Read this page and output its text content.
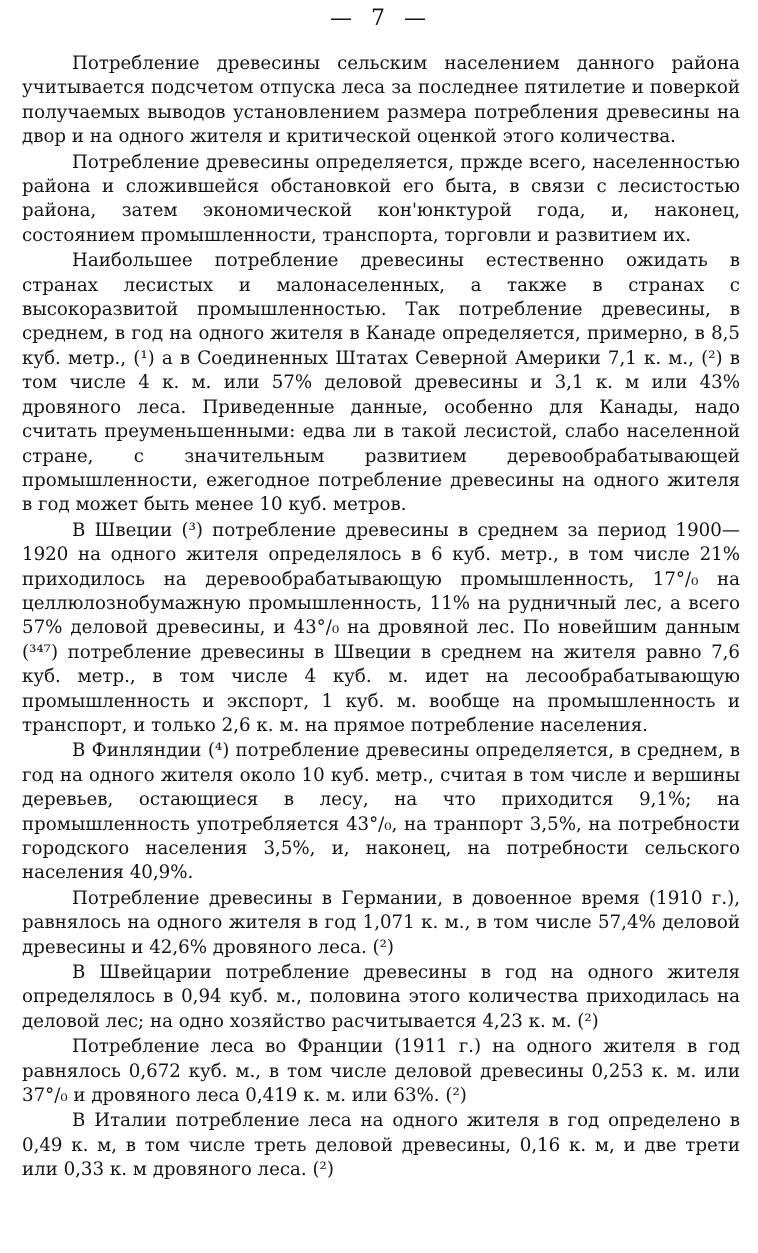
— 7 —

Потребление древесины сельским населением данного района учитывается подсчетом отпуска леса за последнее пятилетие и поверкой получаемых выводов установлением размера потребления древесины на двор и на одного жителя и критической оценкой этого количества.

Потребление древесины определяется, пржде всего, населенностью района и сложившейся обстановкой его быта, в связи с лесистостью района, затем экономической кон'юнктурой года, и, наконец, состоянием промышленности, транспорта, торговли и развитием их.

Наибольшее потребление древесины естественно ожидать в странах лесистых и малонаселенных, а также в странах с высокоразвитой промышленностью. Так потребление древесины, в среднем, в год на одного жителя в Канаде определяется, примерно, в 8,5 куб. метр., (¹) а в Соединенных Штатах Северной Америки 7,1 к. м., (²) в том числе 4 к. м. или 57% деловой древесины и 3,1 к. м или 43% дровяного леса. Приведенные данные, особенно для Канады, надо считать преуменьшенными: едва ли в такой лесистой, слабо населенной стране, с значительным развитием деревообрабатывающей промышленности, ежегодное потребление древесины на одного жителя в год может быть менее 10 куб. метров.

В Швеции (³) потребление древесины в среднем за период 1900—1920 на одного жителя определялось в 6 куб. метр., в том числе 21% приходилось на деревообрабатывающую промышленность, 17°/₀ на целлюлознобумажную промышленность, 11% на рудничный лес, а всего 57% деловой древесины, и 43°/₀ на дровяной лес. По новейшим данным (³⁴⁷) потребление древесины в Швеции в среднем на жителя равно 7,6 куб. метр., в том числе 4 куб. м. идет на лесообрабатывающую промышленность и экспорт, 1 куб. м. вообще на промышленность и транспорт, и только 2,6 к. м. на прямое потребление населения.

В Финляндии (⁴) потребление древесины определяется, в среднем, в год на одного жителя около 10 куб. метр., считая в том числе и вершины деревьев, остающиеся в лесу, на что приходится 9,1%; на промышленность употребляется 43°/₀, на транпорт 3,5%, на потребности городского населения 3,5%, и, наконец, на потребности сельского населения 40,9%.

Потребление древесины в Германии, в довоенное время (1910 г.), равнялось на одного жителя в год 1,071 к. м., в том числе 57,4% деловой древесины и 42,6% дровяного леса. (²)

В Швейцарии потребление древесины в год на одного жителя определялось в 0,94 куб. м., половина этого количества приходилась на деловой лес; на одно хозяйство расчитывается 4,23 к. м. (²)

Потребление леса во Франции (1911 г.) на одного жителя в год равнялось 0,672 куб. м., в том числе деловой древесины 0,253 к. м. или 37°/₀ и дровяного леса 0,419 к. м. или 63%. (²)

В Италии потребление леса на одного жителя в год определено в 0,49 к. м, в том числе треть деловой древесины, 0,16 к. м, и две трети или 0,33 к. м дровяного леса. (²)
